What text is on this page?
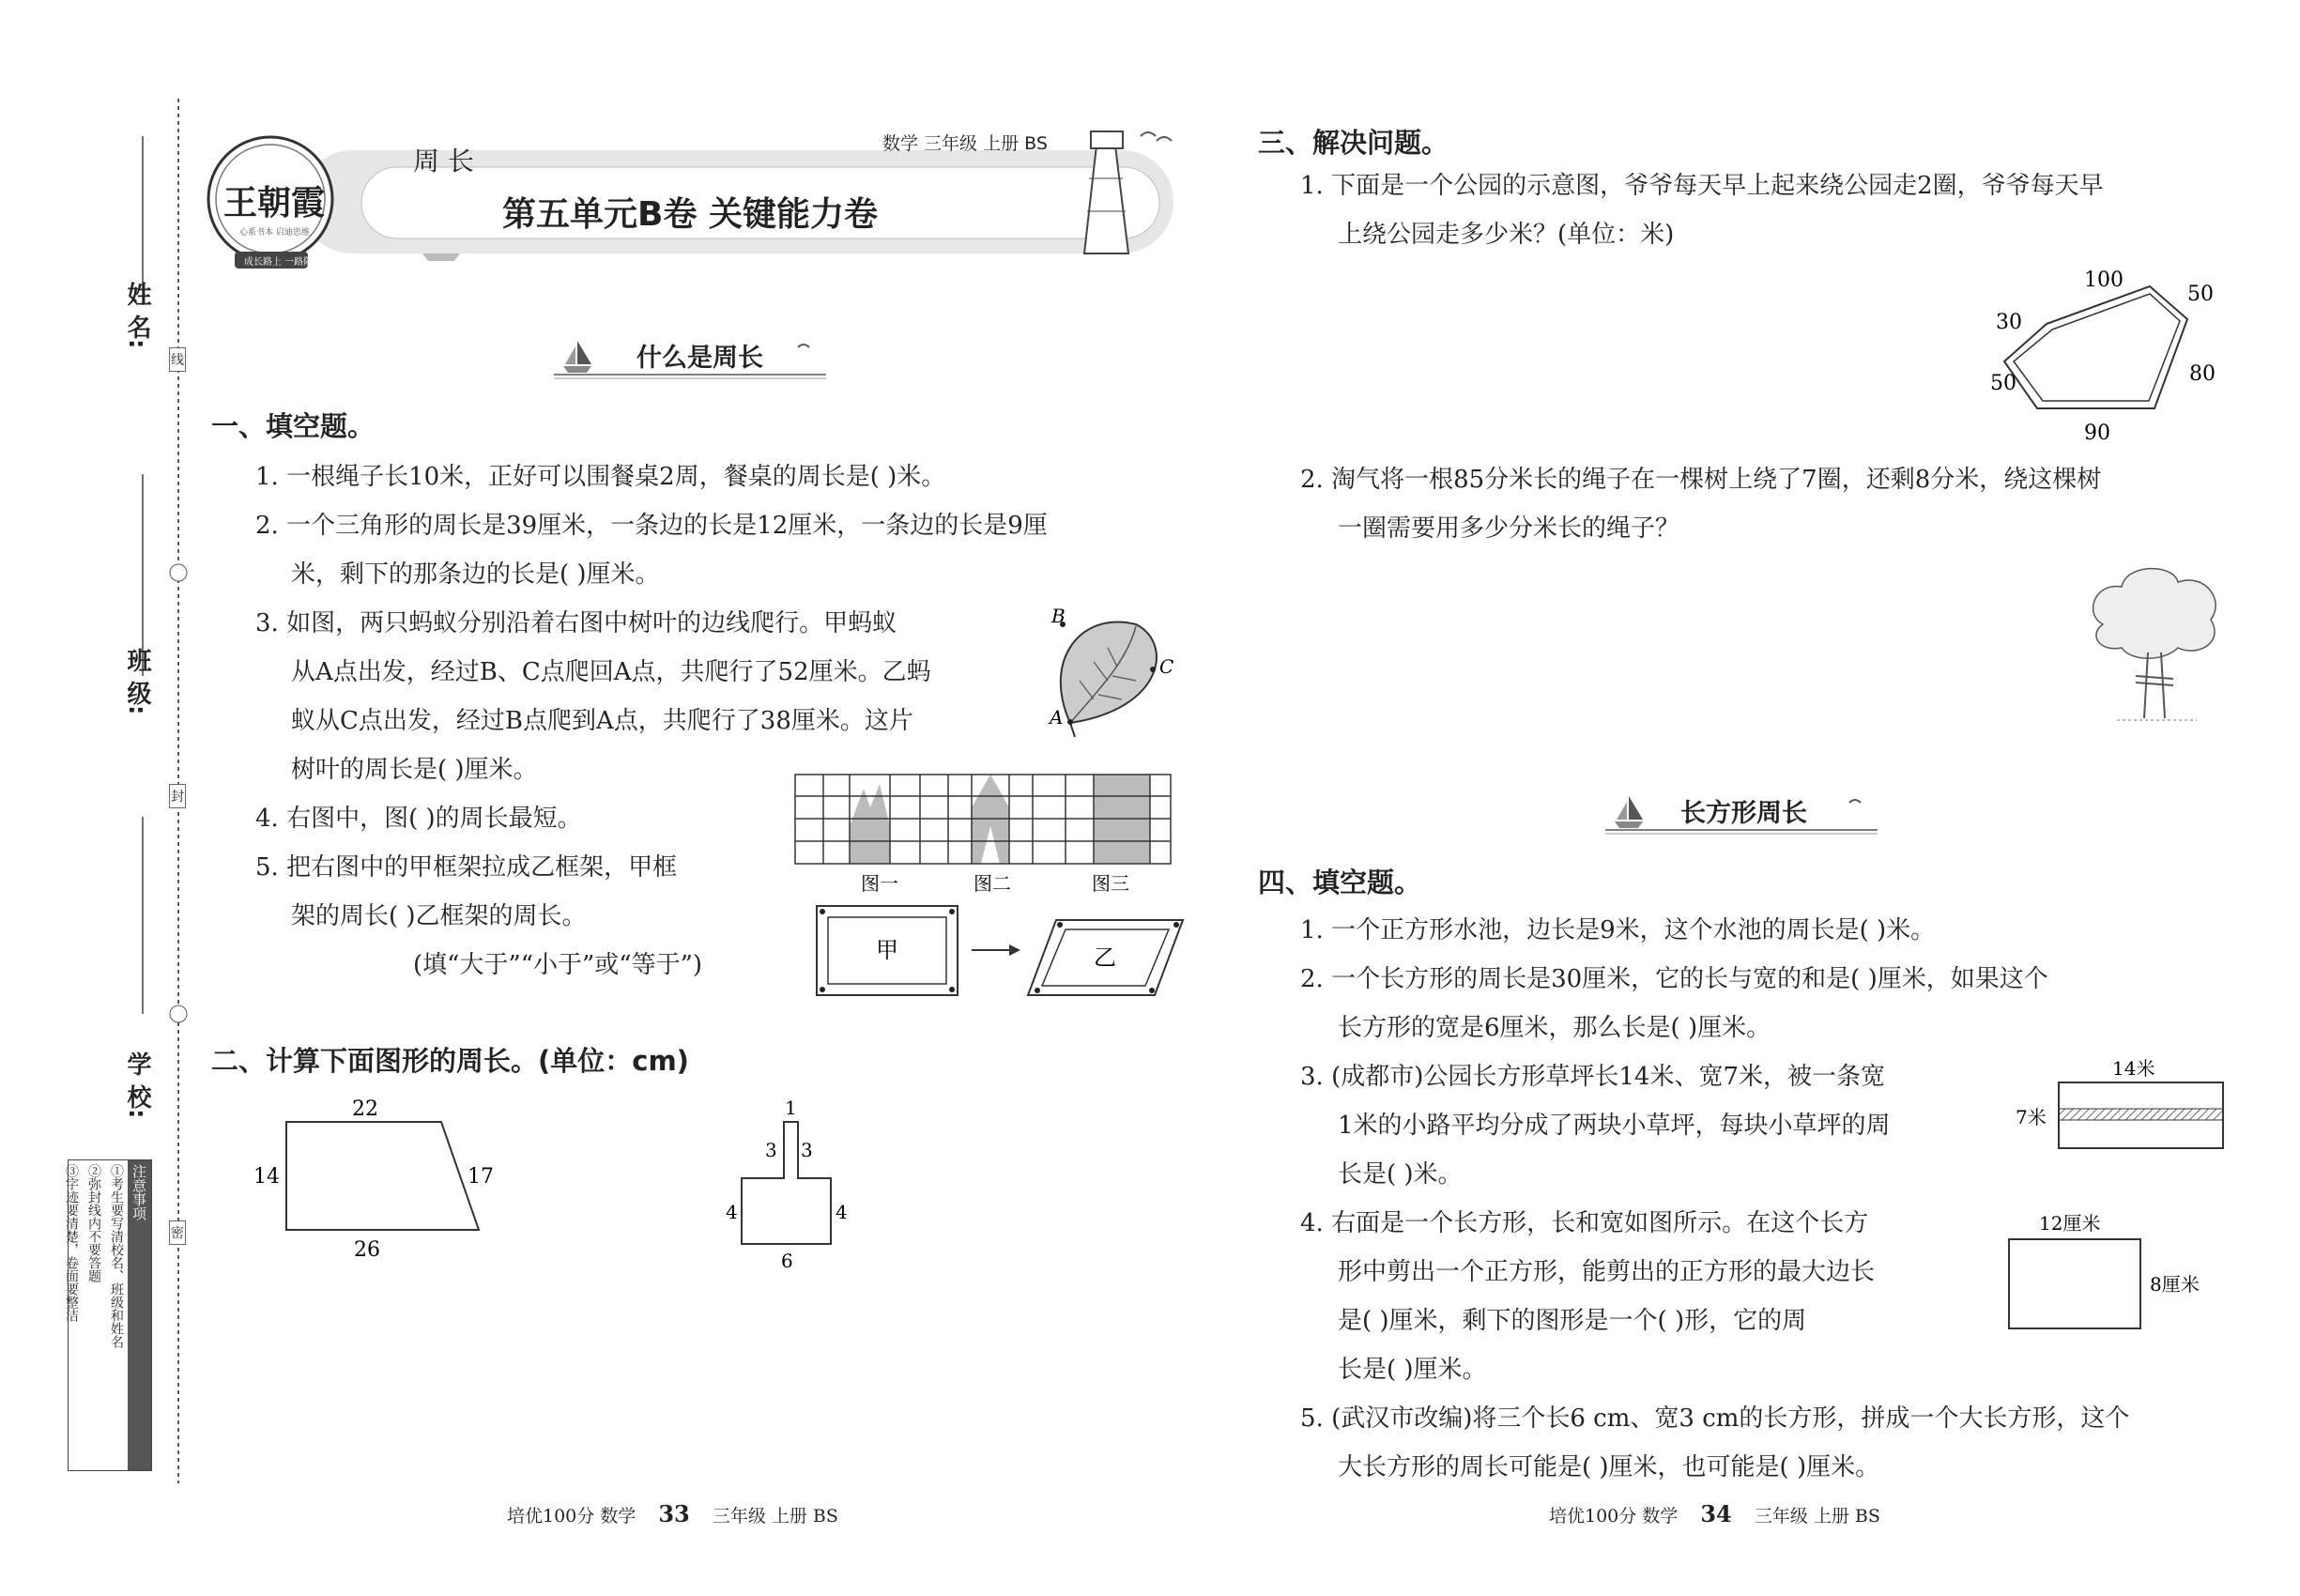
姓 名:
班 级:
学 校:
线
封
密
注意事项
①考生要写清校名、班级和姓名
②弥封线内不要答题
③字迹要清楚，卷面要整洁
王朝霞
心系书本 启迪思维
成长路上 一路阳光
周 长
数学 三年级 上册 BS
第五单元B卷 关键能力卷
什么是周长
一、填空题。
1. 一根绳子长10米，正好可以围餐桌2周，餐桌的周长是( )米。
2. 一个三角形的周长是39厘米，一条边的长是12厘米，一条边的长是9厘
米，剩下的那条边的长是( )厘米。
3. 如图，两只蚂蚁分别沿着右图中树叶的边线爬行。甲蚂蚁
从A点出发，经过B、C点爬回A点，共爬行了52厘米。乙蚂
蚁从C点出发，经过B点爬到A点，共爬行了38厘米。这片
树叶的周长是( )厘米。
4. 右图中，图( )的周长最短。
5. 把右图中的甲框架拉成乙框架，甲框
架的周长( )乙框架的周长。
(填“大于”“小于”或“等于”)
B
C
A
图一	图二	图三
甲	乙
二、计算下面图形的周长。(单位：cm)
22
14	17
26
1
3 3
4	4
6
三、解决问题。
1. 下面是一个公园的示意图，爷爷每天早上起来绕公园走2圈，爷爷每天早
上绕公园走多少米？(单位：米)
100
50
30
80
50
90
2. 淘气将一根85分米长的绳子在一棵树上绕了7圈，还剩8分米，绕这棵树
一圈需要用多少分米长的绳子？
长方形周长
四、填空题。
1. 一个正方形水池，边长是9米，这个水池的周长是( )米。
2. 一个长方形的周长是30厘米，它的长与宽的和是( )厘米，如果这个
长方形的宽是6厘米，那么长是( )厘米。
3. (成都市)公园长方形草坪长14米、宽7米，被一条宽
1米的小路平均分成了两块小草坪，每块小草坪的周
长是( )米。
14米
7米
4. 右面是一个长方形，长和宽如图所示。在这个长方
形中剪出一个正方形，能剪出的正方形的最大边长
是( )厘米，剩下的图形是一个( )形，它的周
长是( )厘米。
12厘米
8厘米
5. (武汉市改编)将三个长6 cm、宽3 cm的长方形，拼成一个大长方形，这个
大长方形的周长可能是( )厘米，也可能是( )厘米。
培优100分 数学 33 三年级 上册 BS	培优100分 数学 34 三年级 上册 BS
